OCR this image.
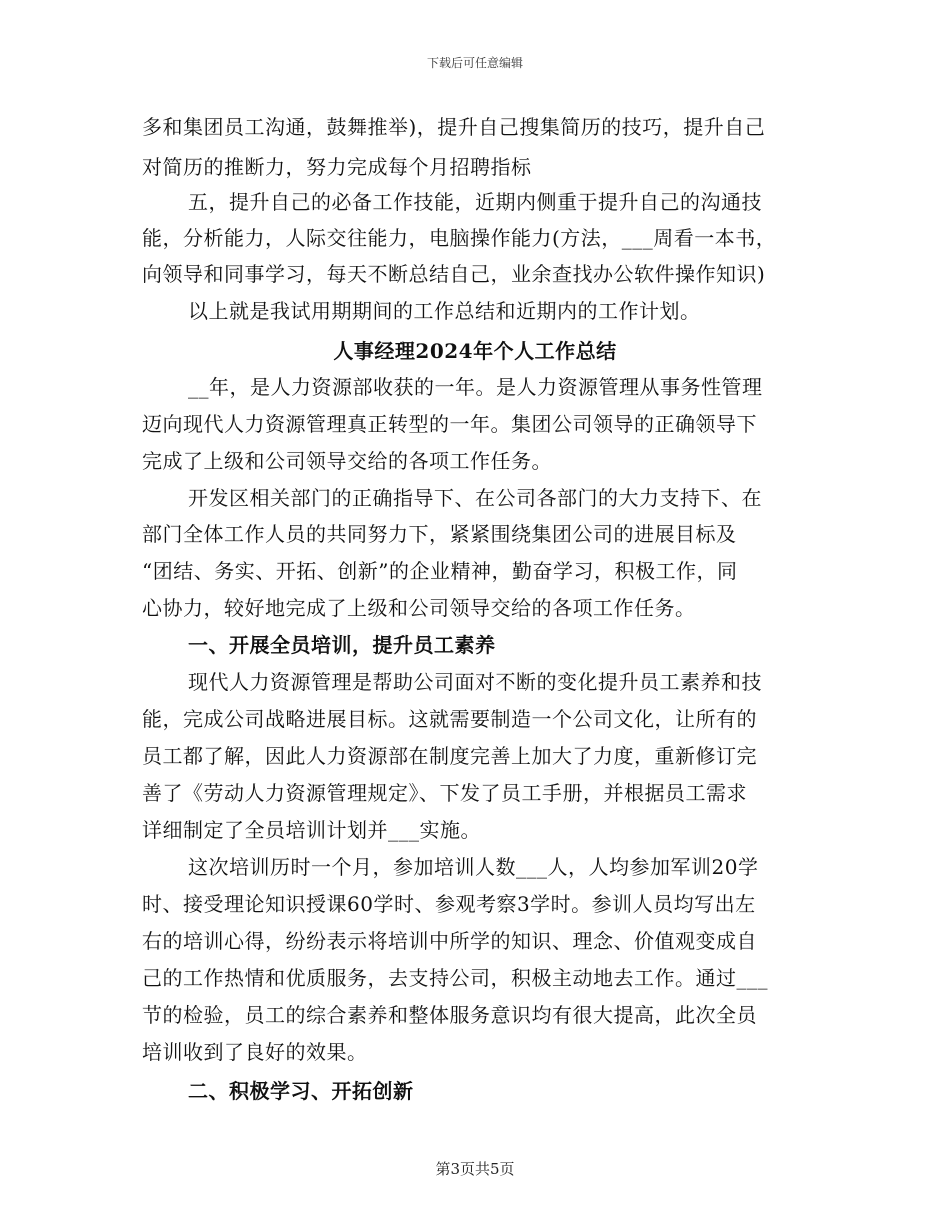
下载后可任意编辑
多和集团员工沟通，鼓舞推举)，提升自己搜集简历的技巧，提升自己
对简历的推断力，努力完成每个月招聘指标
五，提升自己的必备工作技能，近期内侧重于提升自己的沟通技
能，分析能力，人际交往能力，电脑操作能力(方法，___周看一本书，
向领导和同事学习，每天不断总结自己，业余查找办公软件操作知识)
以上就是我试用期期间的工作总结和近期内的工作计划。
人事经理2024年个人工作总结
__年，是人力资源部收获的一年。是人力资源管理从事务性管理
迈向现代人力资源管理真正转型的一年。集团公司领导的正确领导下
完成了上级和公司领导交给的各项工作任务。
开发区相关部门的正确指导下、在公司各部门的大力支持下、在
部门全体工作人员的共同努力下，紧紧围绕集团公司的进展目标及
“团结、务实、开拓、创新”的企业精神，勤奋学习，积极工作，同
心协力，较好地完成了上级和公司领导交给的各项工作任务。
一、开展全员培训，提升员工素养
现代人力资源管理是帮助公司面对不断的变化提升员工素养和技
能，完成公司战略进展目标。这就需要制造一个公司文化，让所有的
员工都了解，因此人力资源部在制度完善上加大了力度，重新修订完
善了《劳动人力资源管理规定》、下发了员工手册，并根据员工需求
详细制定了全员培训计划并___实施。
这次培训历时一个月，参加培训人数___人，人均参加军训20学
时、接受理论知识授课60学时、参观考察3学时。参训人员均写出左
右的培训心得，纷纷表示将培训中所学的知识、理念、价值观变成自
己的工作热情和优质服务，去支持公司，积极主动地去工作。通过___
节的检验，员工的综合素养和整体服务意识均有很大提高，此次全员
培训收到了良好的效果。
二、积极学习、开拓创新
第3页共5页
